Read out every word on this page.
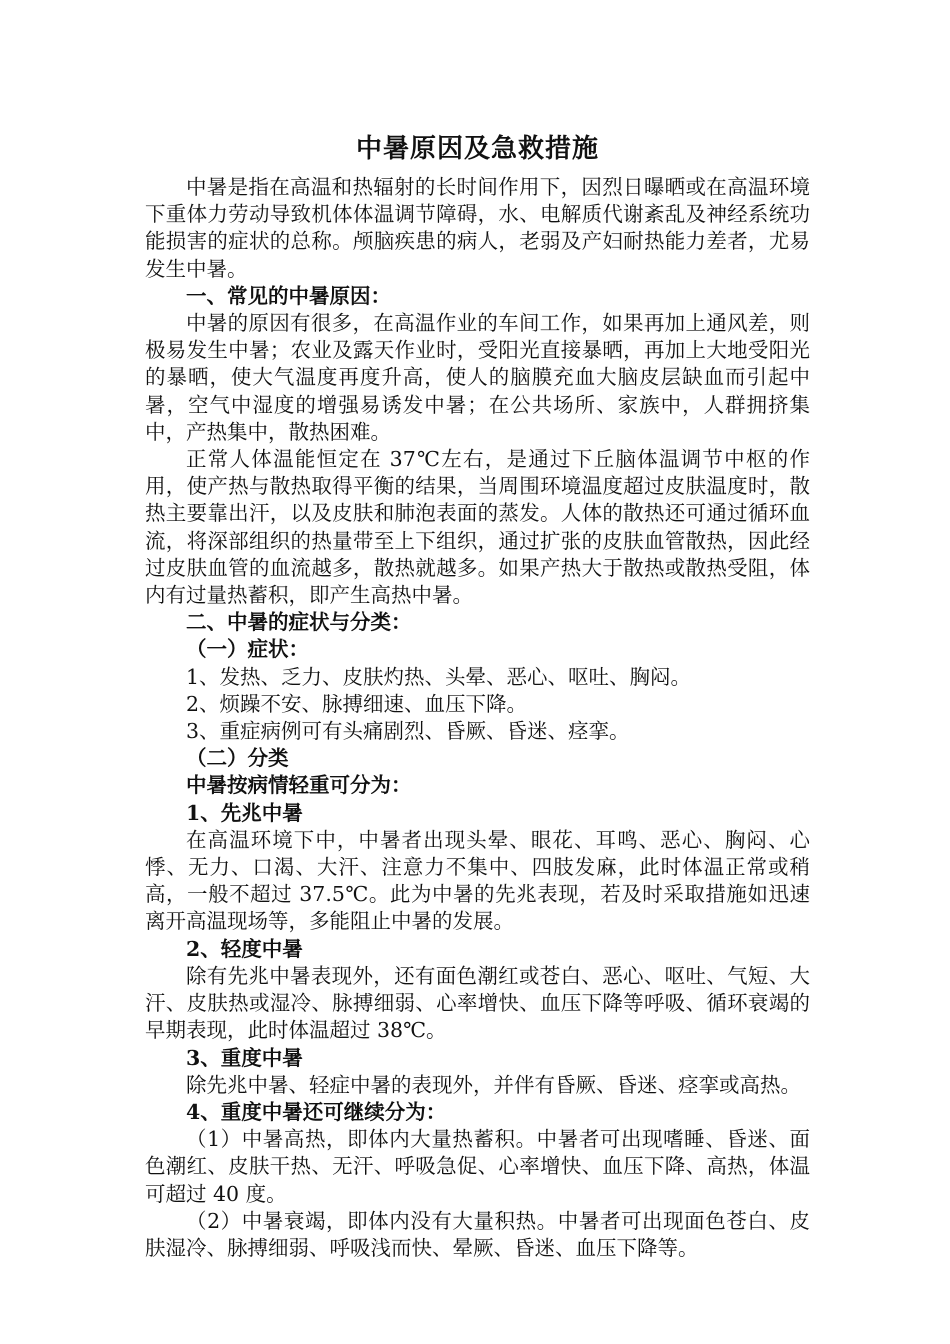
中暑原因及急救措施

中暑是指在高温和热辐射的长时间作用下，因烈日曝晒或在高温环境下重体力劳动导致机体体温调节障碍，水、电解质代谢紊乱及神经系统功能损害的症状的总称。颅脑疾患的病人，老弱及产妇耐热能力差者，尤易发生中暑。

一、常见的中暑原因：

中暑的原因有很多，在高温作业的车间工作，如果再加上通风差，则极易发生中暑；农业及露天作业时，受阳光直接暴晒，再加上大地受阳光的暴晒，使大气温度再度升高，使人的脑膜充血大脑皮层缺血而引起中暑，空气中湿度的增强易诱发中暑；在公共场所、家族中，人群拥挤集中，产热集中，散热困难。

正常人体温能恒定在 37℃左右，是通过下丘脑体温调节中枢的作用，使产热与散热取得平衡的结果，当周围环境温度超过皮肤温度时，散热主要靠出汗，以及皮肤和肺泡表面的蒸发。人体的散热还可通过循环血流，将深部组织的热量带至上下组织，通过扩张的皮肤血管散热，因此经过皮肤血管的血流越多，散热就越多。如果产热大于散热或散热受阻，体内有过量热蓄积，即产生高热中暑。

二、中暑的症状与分类：

（一）症状：

1、发热、乏力、皮肤灼热、头晕、恶心、呕吐、胸闷。

2、烦躁不安、脉搏细速、血压下降。

3、重症病例可有头痛剧烈、昏厥、昏迷、痉挛。

（二）分类

中暑按病情轻重可分为：

1、先兆中暑

在高温环境下中，中暑者出现头晕、眼花、耳鸣、恶心、胸闷、心悸、无力、口渴、大汗、注意力不集中、四肢发麻，此时体温正常或稍高，一般不超过 37.5℃。此为中暑的先兆表现，若及时采取措施如迅速离开高温现场等，多能阻止中暑的发展。

2、轻度中暑

除有先兆中暑表现外，还有面色潮红或苍白、恶心、呕吐、气短、大汗、皮肤热或湿冷、脉搏细弱、心率增快、血压下降等呼吸、循环衰竭的早期表现，此时体温超过 38℃。

3、重度中暑

除先兆中暑、轻症中暑的表现外，并伴有昏厥、昏迷、痉挛或高热。

4、重度中暑还可继续分为：

（1）中暑高热，即体内大量热蓄积。中暑者可出现嗜睡、昏迷、面色潮红、皮肤干热、无汗、呼吸急促、心率增快、血压下降、高热，体温可超过 40 度。

（2）中暑衰竭，即体内没有大量积热。中暑者可出现面色苍白、皮肤湿冷、脉搏细弱、呼吸浅而快、晕厥、昏迷、血压下降等。
